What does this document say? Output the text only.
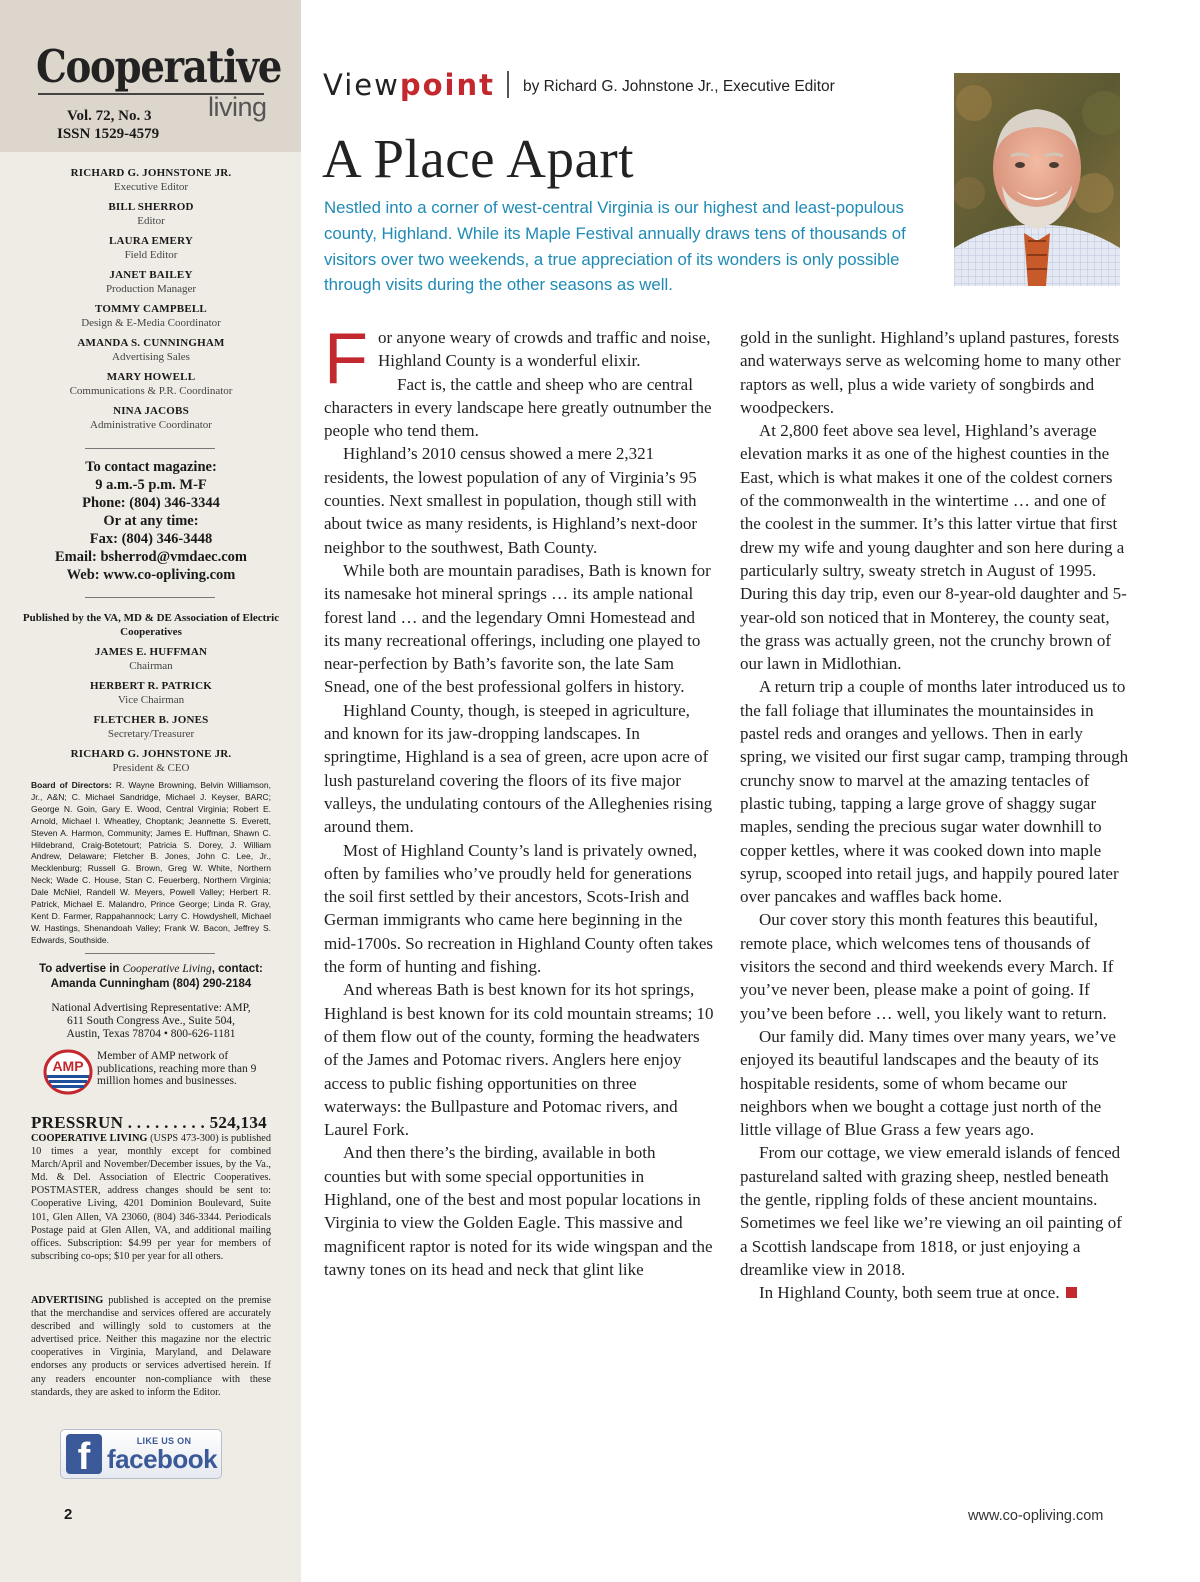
Cooperative
living
Vol. 72, No. 3
ISSN 1529-4579
RICHARD G. JOHNSTONE JR.
Executive Editor
BILL SHERROD
Editor
LAURA EMERY
Field Editor
JANET BAILEY
Production Manager
TOMMY CAMPBELL
Design & E-Media Coordinator
AMANDA S. CUNNINGHAM
Advertising Sales
MARY HOWELL
Communications & P.R. Coordinator
NINA JACOBS
Administrative Coordinator
To contact magazine:
9 a.m.-5 p.m. M-F
Phone: (804) 346-3344
Or at any time:
Fax: (804) 346-3448
Email: bsherrod@vmdaec.com
Web: www.co-opliving.com
Published by the VA, MD & DE Association of Electric Cooperatives
JAMES E. HUFFMAN
Chairman
HERBERT R. PATRICK
Vice Chairman
FLETCHER B. JONES
Secretary/Treasurer
RICHARD G. JOHNSTONE JR.
President & CEO
Board of Directors: R. Wayne Browning, Belvin Williamson, Jr., A&N; C. Michael Sandridge, Michael J. Keyser, BARC; George N. Goin, Gary E. Wood, Central Virginia; Robert E. Arnold, Michael I. Wheatley, Choptank; Jeannette S. Everett, Steven A. Harmon, Community; James E. Huffman, Shawn C. Hildebrand, Craig-Botetourt; Patricia S. Dorey, J. William Andrew, Delaware; Fletcher B. Jones, John C. Lee, Jr., Mecklenburg; Russell G. Brown, Greg W. White, Northern Neck; Wade C. House, Stan C. Feuerberg, Northern Virginia; Dale McNiel, Randell W. Meyers, Powell Valley; Herbert R. Patrick, Michael E. Malandro, Prince George; Linda R. Gray, Kent D. Farmer, Rappahannock; Larry C. Howdyshell, Michael W. Hastings, Shenandoah Valley; Frank W. Bacon, Jeffrey S. Edwards, Southside.
To advertise in Cooperative Living, contact:
Amanda Cunningham (804) 290-2184
National Advertising Representative: AMP,
611 South Congress Ave., Suite 504,
Austin, Texas 78704 • 800-626-1181
AMP
Member of AMP network of publications, reaching more than 9 million homes and businesses.
PRESSRUN . . . . . . . . . 524,134
COOPERATIVE LIVING (USPS 473-300) is published 10 times a year, monthly except for combined March/April and November/December issues, by the Va., Md. & Del. Association of Electric Cooperatives. POSTMASTER, address changes should be sent to: Cooperative Living, 4201 Dominion Boulevard, Suite 101, Glen Allen, VA 23060, (804) 346-3344. Periodicals Postage paid at Glen Allen, VA, and additional mailing offices. Subscription: $4.99 per year for members of subscribing co-ops; $10 per year for all others.
ADVERTISING published is accepted on the premise that the merchandise and services offered are accurately described and willingly sold to customers at the advertised price. Neither this magazine nor the electric cooperatives in Virginia, Maryland, and Delaware endorses any products or services advertised herein. If any readers encounter non-compliance with these standards, they are asked to inform the Editor.
f	LIKE US ON
facebook
2
Viewpoint by Richard G. Johnstone Jr., Executive Editor
A Place Apart
Nestled into a corner of west-central Virginia is our highest and least-populous county, Highland. While its Maple Festival annually draws tens of thousands of visitors over two weekends, a true appreciation of its wonders is only possible through visits during the other seasons as well.

For anyone weary of crowds and traffic and noise, Highland County is a wonderful elixir.

Fact is, the cattle and sheep who are central characters in every landscape here greatly outnumber the people who tend them.

Highland’s 2010 census showed a mere 2,321 residents, the lowest population of any of Virginia’s 95 counties. Next smallest in population, though still with about twice as many residents, is Highland’s next-door neighbor to the southwest, Bath County.

While both are mountain paradises, Bath is known for its namesake hot mineral springs … its ample national forest land … and the legendary Omni Homestead and its many recreational offerings, including one played to near-perfection by Bath’s favorite son, the late Sam Snead, one of the best professional golfers in history.

Highland County, though, is steeped in agriculture, and known for its jaw-dropping landscapes. In springtime, Highland is a sea of green, acre upon acre of lush pastureland covering the floors of its five major valleys, the undulating contours of the Alleghenies rising around them.

Most of Highland County’s land is privately owned, often by families who’ve proudly held for generations the soil first settled by their ancestors, Scots-Irish and German immigrants who came here beginning in the mid-1700s. So recreation in Highland County often takes the form of hunting and fishing.

And whereas Bath is best known for its hot springs, Highland is best known for its cold mountain streams; 10 of them flow out of the county, forming the headwaters of the James and Potomac rivers. Anglers here enjoy access to public fishing opportunities on three waterways: the Bullpasture and Potomac rivers, and Laurel Fork.

And then there’s the birding, available in both counties but with some special opportunities in Highland, one of the best and most popular locations in Virginia to view the Golden Eagle. This massive and magnificent raptor is noted for its wide wingspan and the tawny tones on its head and neck that glint like

gold in the sunlight. Highland’s upland pastures, forests and waterways serve as welcoming home to many other raptors as well, plus a wide variety of songbirds and woodpeckers.

At 2,800 feet above sea level, Highland’s average elevation marks it as one of the highest counties in the East, which is what makes it one of the coldest corners of the commonwealth in the wintertime … and one of the coolest in the summer. It’s this latter virtue that first drew my wife and young daughter and son here during a particularly sultry, sweaty stretch in August of 1995. During this day trip, even our 8-year-old daughter and 5-year-old son noticed that in Monterey, the county seat, the grass was actually green, not the crunchy brown of our lawn in Midlothian.

A return trip a couple of months later introduced us to the fall foliage that illuminates the mountainsides in pastel reds and oranges and yellows. Then in early spring, we visited our first sugar camp, tramping through crunchy snow to marvel at the amazing tentacles of plastic tubing, tapping a large grove of shaggy sugar maples, sending the precious sugar water downhill to copper kettles, where it was cooked down into maple syrup, scooped into retail jugs, and happily poured later over pancakes and waffles back home.

Our cover story this month features this beautiful, remote place, which welcomes tens of thousands of visitors the second and third weekends every March. If you’ve never been, please make a point of going. If you’ve been before … well, you likely want to return.

Our family did. Many times over many years, we’ve enjoyed its beautiful landscapes and the beauty of its hospitable residents, some of whom became our neighbors when we bought a cottage just north of the little village of Blue Grass a few years ago.

From our cottage, we view emerald islands of fenced pastureland salted with grazing sheep, nestled beneath the gentle, rippling folds of these ancient mountains. Sometimes we feel like we’re viewing an oil painting of a Scottish landscape from 1818, or just enjoying a dreamlike view in 2018.

In Highland County, both seem true at once.

www.co-opliving.com
